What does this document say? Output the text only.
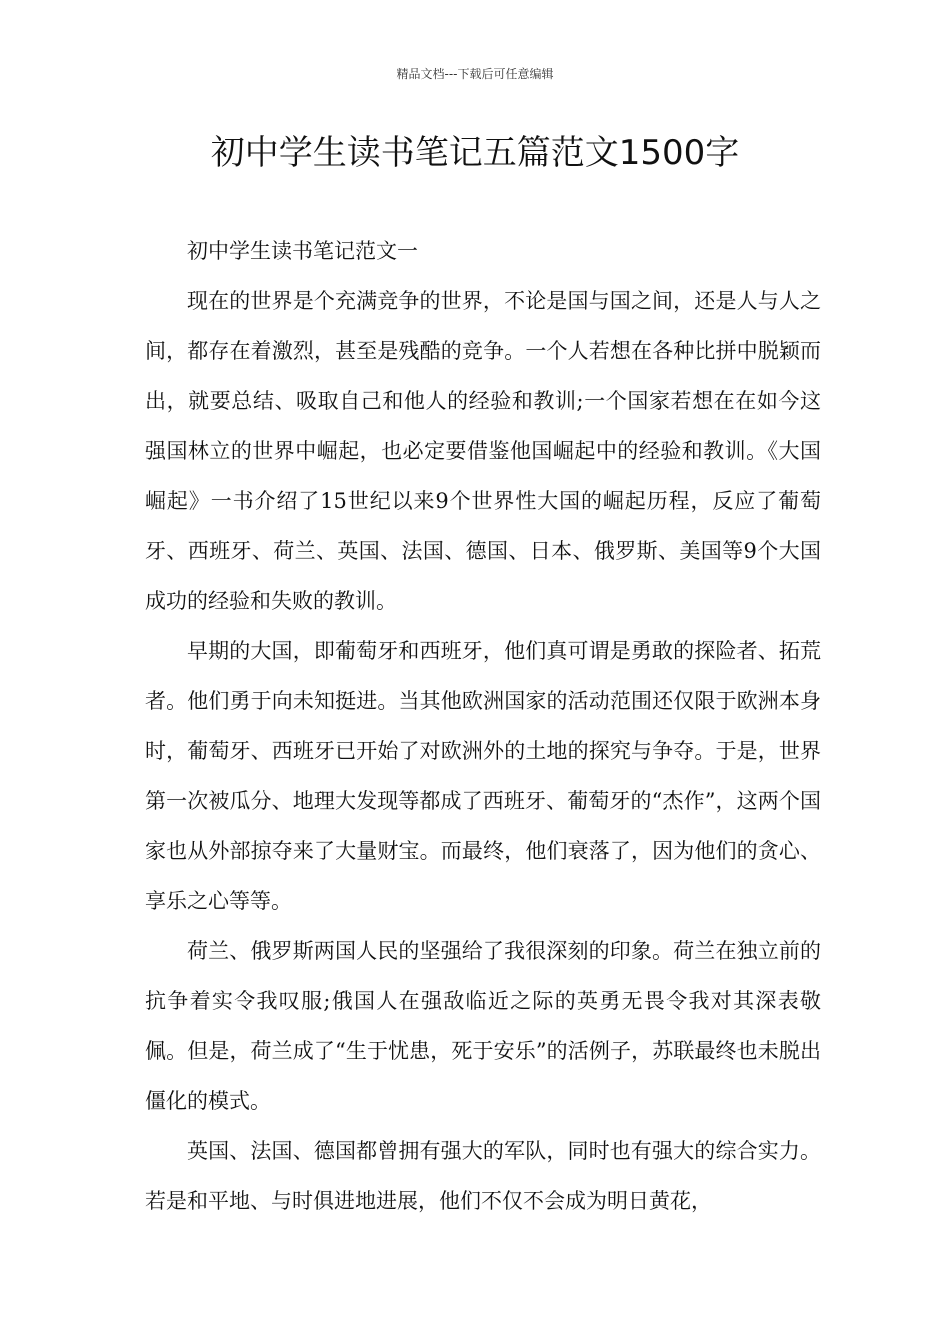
精品文档---下载后可任意编辑
初中学生读书笔记五篇范文1500字

初中学生读书笔记范文一

现在的世界是个充满竞争的世界，不论是国与国之间，还是人与人之间，都存在着激烈，甚至是残酷的竞争。一个人若想在各种比拼中脱颖而出，就要总结、吸取自己和他人的经验和教训;一个国家若想在在如今这强国林立的世界中崛起，也必定要借鉴他国崛起中的经验和教训。《大国崛起》一书介绍了15世纪以来9个世界性大国的崛起历程，反应了葡萄牙、西班牙、荷兰、英国、法国、德国、日本、俄罗斯、美国等9个大国成功的经验和失败的教训。

早期的大国，即葡萄牙和西班牙，他们真可谓是勇敢的探险者、拓荒者。他们勇于向未知挺进。当其他欧洲国家的活动范围还仅限于欧洲本身时，葡萄牙、西班牙已开始了对欧洲外的土地的探究与争夺。于是，世界第一次被瓜分、地理大发现等都成了西班牙、葡萄牙的“杰作”，这两个国家也从外部掠夺来了大量财宝。而最终，他们衰落了，因为他们的贪心、享乐之心等等。

荷兰、俄罗斯两国人民的坚强给了我很深刻的印象。荷兰在独立前的抗争着实令我叹服;俄国人在强敌临近之际的英勇无畏令我对其深表敬佩。但是，荷兰成了“生于忧患，死于安乐”的活例子，苏联最终也未脱出僵化的模式。

英国、法国、德国都曾拥有强大的军队，同时也有强大的综合实力。若是和平地、与时俱进地进展，他们不仅不会成为明日黄花，
